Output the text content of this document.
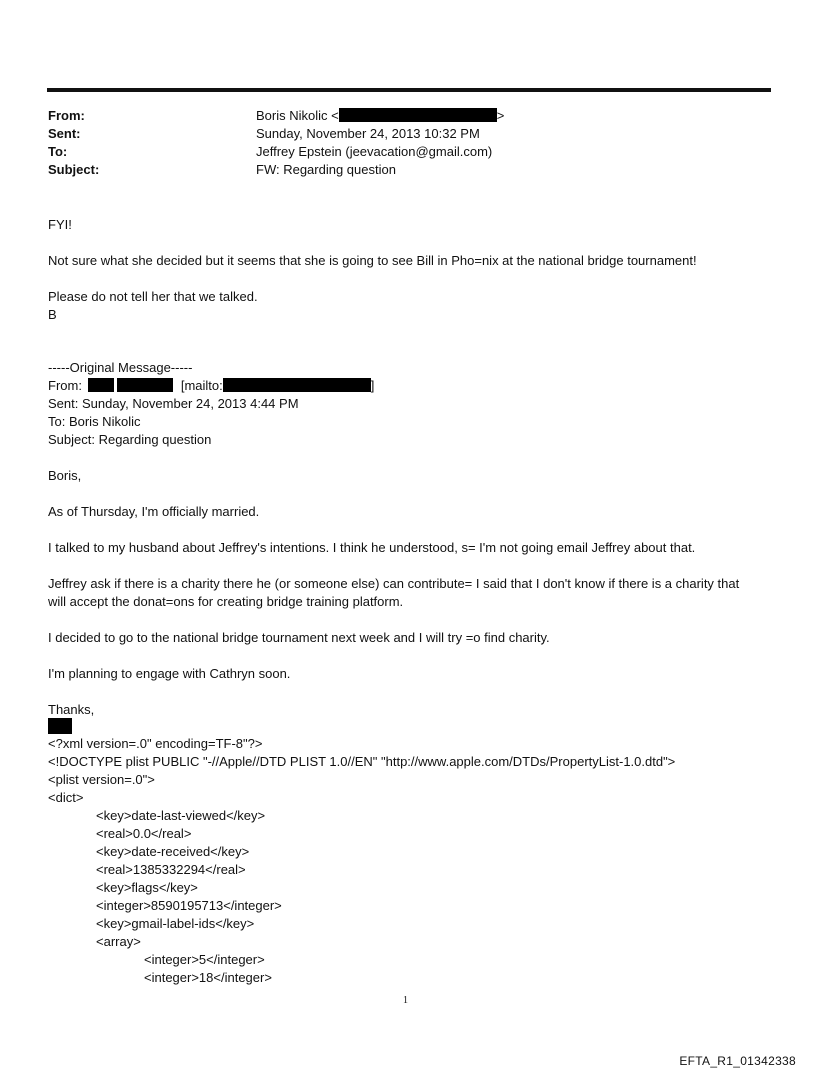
From:	Boris Nikolic <	>
Sent:	Sunday, November 24, 2013 10:32 PM
To:	Jeffrey Epstein (jeevacation@gmail.com)
Subject:	FW: Regarding question
FYI!
Not sure what she decided but it seems that she is going to see Bill in Pho=nix at the national bridge tournament!
Please do not tell her that we talked.
B
-----Original Message-----
From:	[mailto:	]
Sent: Sunday, November 24, 2013 4:44 PM
To: Boris Nikolic
Subject: Regarding question
Boris,
As of Thursday, I'm officially married.
I talked to my husband about Jeffrey's intentions. I think he understood, s= I'm not going email Jeffrey about that.
Jeffrey ask if there is a charity there he (or someone else) can contribute= I said that I don't know if there is a charity that
will accept the donat=ons for creating bridge training platform.
I decided to go to the national bridge tournament next week and I will try =o find charity.
I'm planning to engage with Cathryn soon.
Thanks,
<?xml version=.0" encoding=TF-8"?>
<!DOCTYPE plist PUBLIC "-//Apple//DTD PLIST 1.0//EN" "http://www.apple.com/DTDs/PropertyList-1.0.dtd">
<plist version=.0">
<dict>
<key>date-last-viewed</key>
<real>0.0</real>
<key>date-received</key>
<real>1385332294</real>
<key>flags</key>
<integer>8590195713</integer>
<key>gmail-label-ids</key>
<array>
<integer>5</integer>
<integer>18</integer>
1
EFTA_R1_01342338
